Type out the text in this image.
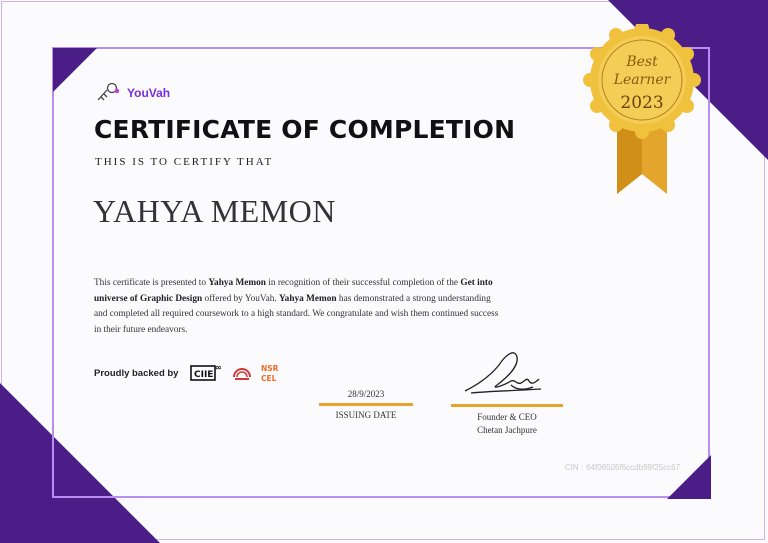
YouVah
CERTIFICATE OF COMPLETION
THIS IS TO CERTIFY THAT
YAHYA MEMON
This certificate is presented to Yahya Memon in recognition of their successful completion of the Get into universe of Graphic Design offered by YouVah. Yahya Memon has demonstrated a strong understanding and completed all required coursework to a high standard. We congratulate and wish them continued success in their future endeavors.
Proudly backed by CIIE
∞	NSR
CEL
28/9/2023
ISSUING DATE	Founder & CEO
Chetan Jachpure
CIN : 64f06505f6ccdb99f25cc67
Best
Learner
2023
